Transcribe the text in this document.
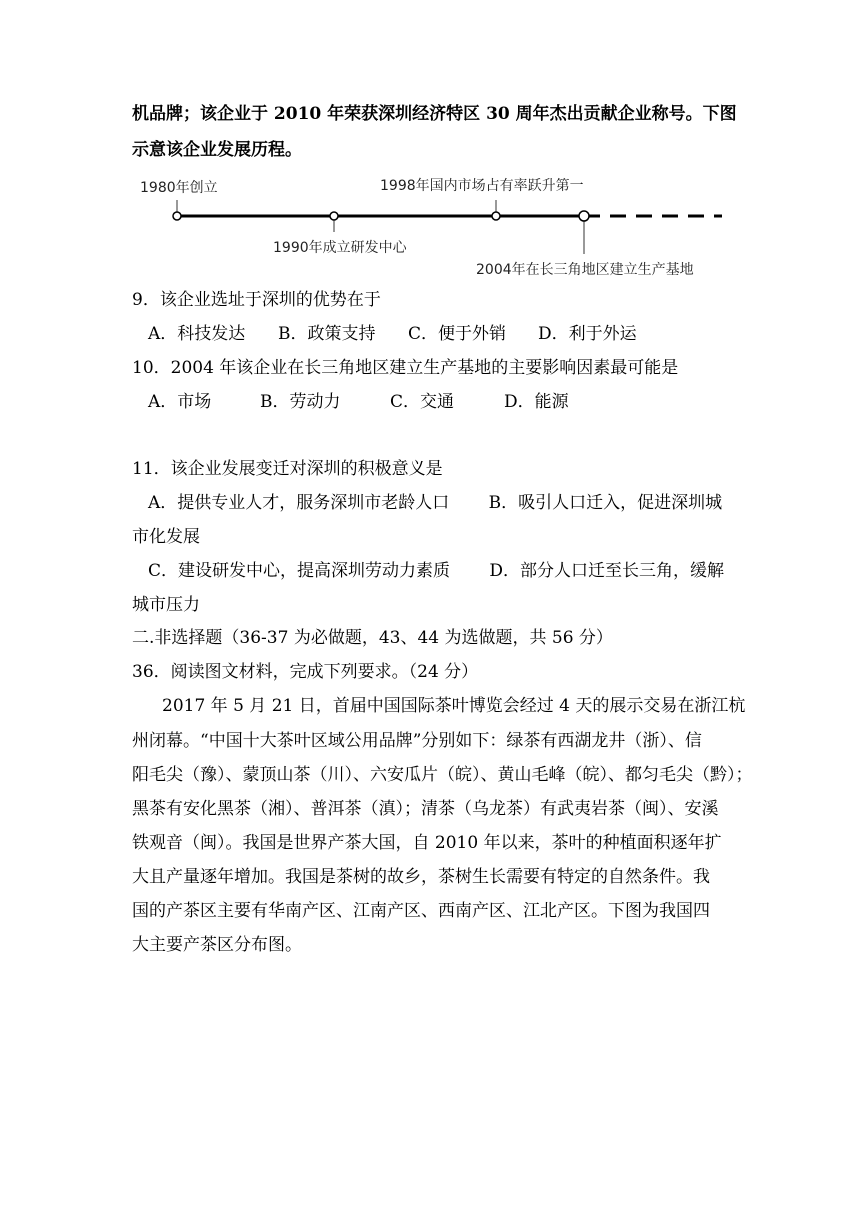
机品牌；该企业于 2010 年荣获深圳经济特区 30 周年杰出贡献企业称号。下图
示意该企业发展历程。
1980年创立	1998年国内市场占有率跃升第一
1990年成立研发中心
2004年在长三角地区建立生产基地
9．该企业选址于深圳的优势在于
A．科技发达 B．政策支持 C．便于外销 D．利于外运
10．2004 年该企业在长三角地区建立生产基地的主要影响因素最可能是
A．市场	B．劳动力	C．交通	D．能源
11．该企业发展变迁对深圳的积极意义是
A．提供专业人才，服务深圳市老龄人口　　 B．吸引人口迁入，促进深圳城
市化发展
C．建设研发中心，提高深圳劳动力素质　　 D．部分人口迁至长三角，缓解
城市压力
二.非选择题（36-37 为必做题，43、44 为选做题，共 56 分）
36．阅读图文材料，完成下列要求。（24 分）
2017 年 5 月 21 日，首届中国国际茶叶博览会经过 4 天的展示交易在浙江杭
州闭幕。“中国十大茶叶区域公用品牌”分别如下：绿茶有西湖龙井（浙）、信
阳毛尖（豫）、蒙顶山茶（川）、六安瓜片（皖）、黄山毛峰（皖）、都匀毛尖（黔）；
黑茶有安化黑茶（湘）、普洱茶（滇）；清茶（乌龙茶）有武夷岩茶（闽）、安溪
铁观音（闽）。我国是世界产茶大国，自 2010 年以来，茶叶的种植面积逐年扩
大且产量逐年增加。我国是茶树的故乡，茶树生长需要有特定的自然条件。我
国的产茶区主要有华南产区、江南产区、西南产区、江北产区。下图为我国四
大主要产茶区分布图。
